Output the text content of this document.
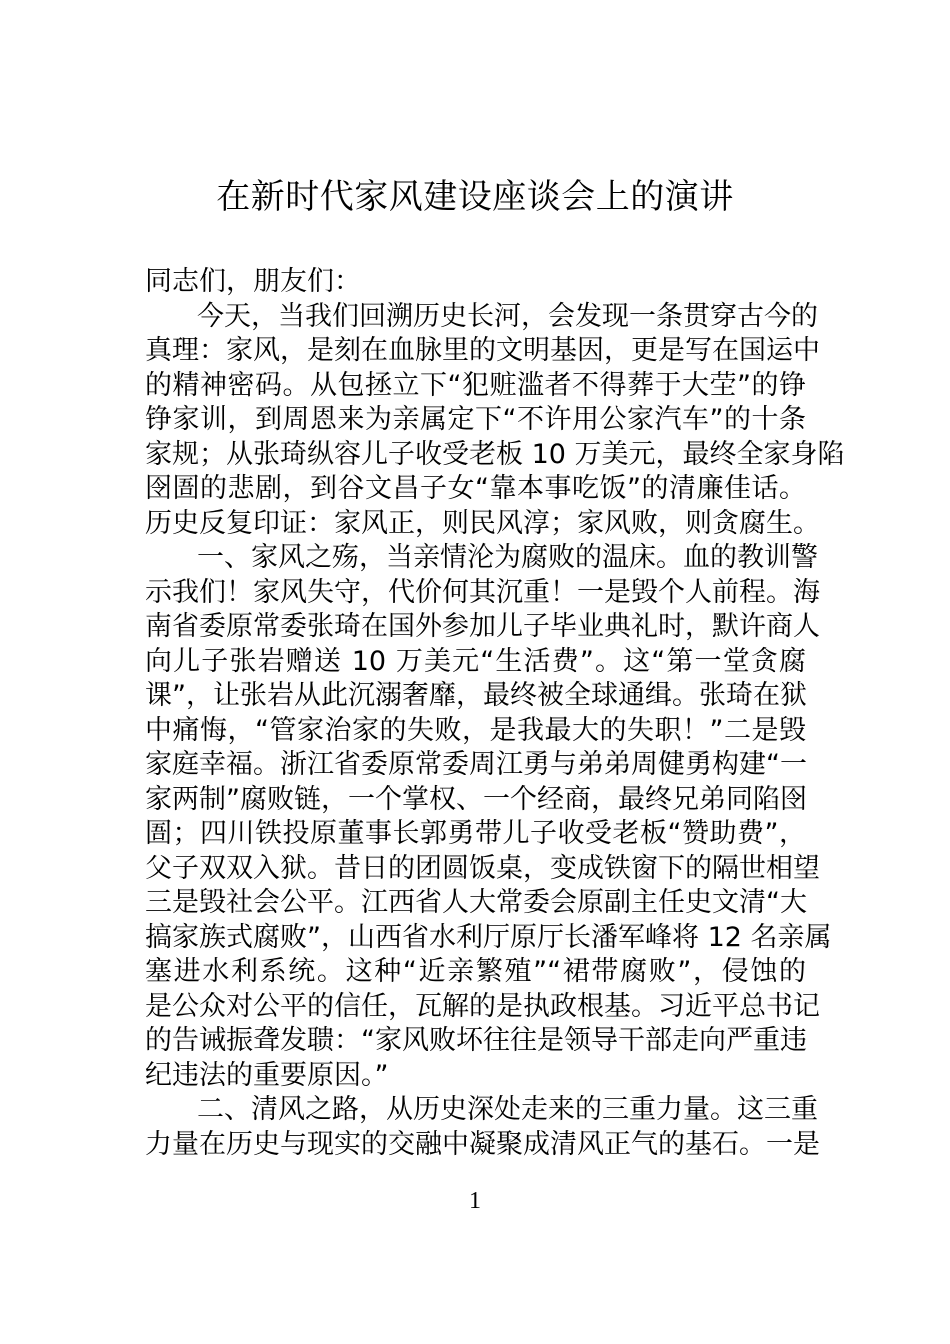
在新时代家风建设座谈会上的演讲
同志们，朋友们：
今天，当我们回溯历史长河，会发现一条贯穿古今的
真理：家风，是刻在血脉里的文明基因，更是写在国运中
的精神密码。从包拯立下“犯赃滥者不得葬于大茔”的铮
铮家训，到周恩来为亲属定下“不许用公家汽车”的十条
家规；从张琦纵容儿子收受老板 10 万美元，最终全家身陷
囹圄的悲剧，到谷文昌子女“靠本事吃饭”的清廉佳话。
历史反复印证：家风正，则民风淳；家风败，则贪腐生。
一、家风之殇，当亲情沦为腐败的温床。血的教训警
示我们！家风失守，代价何其沉重！一是毁个人前程。海
南省委原常委张琦在国外参加儿子毕业典礼时，默许商人
向儿子张岩赠送 10 万美元“生活费”。这“第一堂贪腐
课”，让张岩从此沉溺奢靡，最终被全球通缉。张琦在狱
中痛悔，“管家治家的失败，是我最大的失职！”二是毁
家庭幸福。浙江省委原常委周江勇与弟弟周健勇构建“一
家两制”腐败链，一个掌权、一个经商，最终兄弟同陷囹
圄；四川铁投原董事长郭勇带儿子收受老板“赞助费”，
父子双双入狱。昔日的团圆饭桌，变成铁窗下的隔世相望
三是毁社会公平。江西省人大常委会原副主任史文清“大
搞家族式腐败”，山西省水利厅原厅长潘军峰将 12 名亲属
塞进水利系统。这种“近亲繁殖”“裙带腐败”，侵蚀的
是公众对公平的信任，瓦解的是执政根基。习近平总书记
的告诫振聋发聩：“家风败坏往往是领导干部走向严重违
纪违法的重要原因。”
二、清风之路，从历史深处走来的三重力量。这三重
力量在历史与现实的交融中凝聚成清风正气的基石。一是
1
